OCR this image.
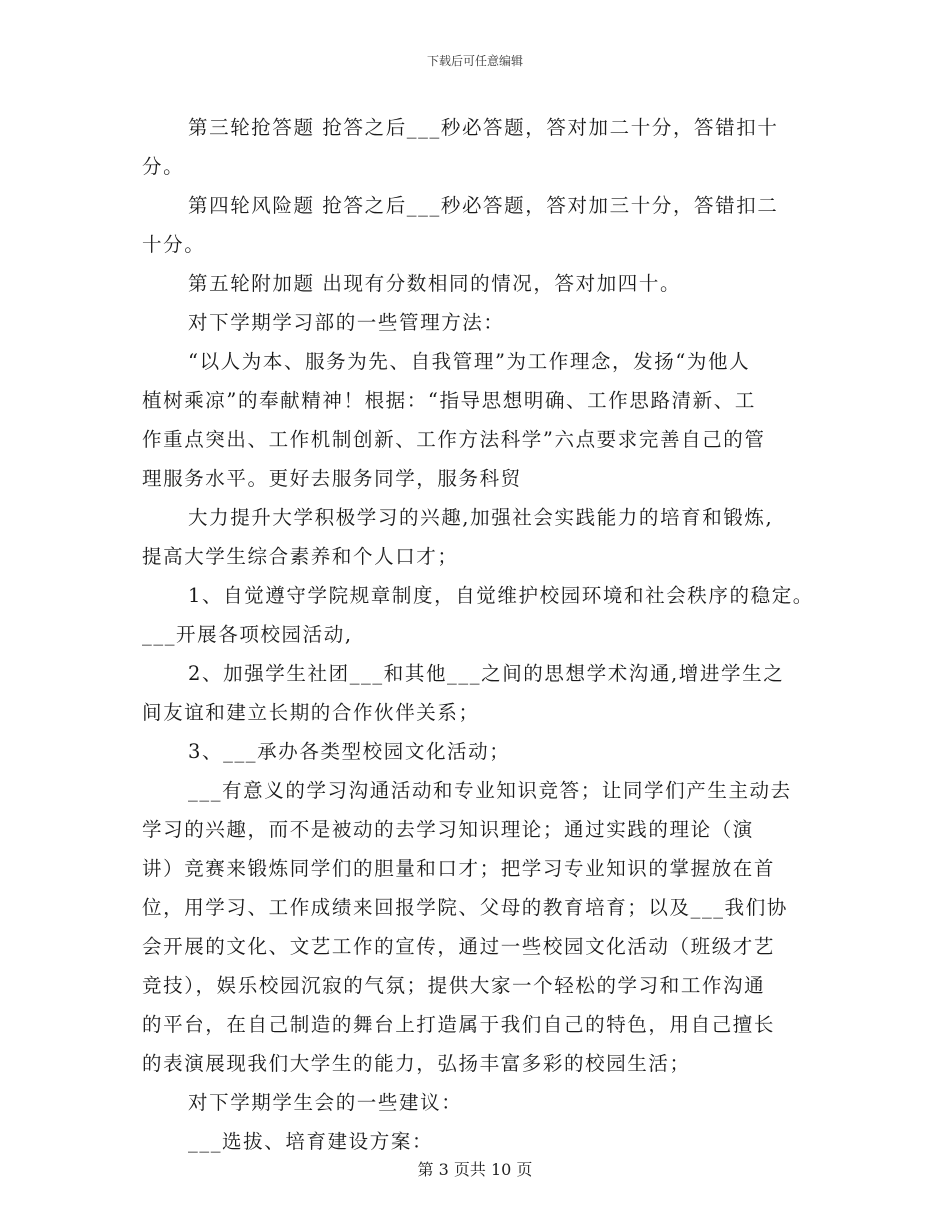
下载后可任意编辑
第三轮抢答题 抢答之后___秒必答题，答对加二十分，答错扣十
分。
第四轮风险题 抢答之后___秒必答题，答对加三十分，答错扣二
十分。
第五轮附加题 出现有分数相同的情况，答对加四十。
对下学期学习部的一些管理方法：
“以人为本、服务为先、自我管理”为工作理念，发扬“为他人
植树乘凉”的奉献精神！根据：“指导思想明确、工作思路清新、工
作重点突出、工作机制创新、工作方法科学”六点要求完善自己的管
理服务水平。更好去服务同学，服务科贸
大力提升大学积极学习的兴趣,加强社会实践能力的培育和锻炼,
提高大学生综合素养和个人口才；
1、自觉遵守学院规章制度，自觉维护校园环境和社会秩序的稳定。
___开展各项校园活动,
2、加强学生社团___和其他___之间的思想学术沟通,增进学生之
间友谊和建立长期的合作伙伴关系；
3、___承办各类型校园文化活动；
___有意义的学习沟通活动和专业知识竞答；让同学们产生主动去
学习的兴趣，而不是被动的去学习知识理论；通过实践的理论（演
讲）竞赛来锻炼同学们的胆量和口才；把学习专业知识的掌握放在首
位，用学习、工作成绩来回报学院、父母的教育培育；以及___我们协
会开展的文化、文艺工作的宣传，通过一些校园文化活动（班级才艺
竞技），娱乐校园沉寂的气氛；提供大家一个轻松的学习和工作沟通
的平台，在自己制造的舞台上打造属于我们自己的特色，用自己擅长
的表演展现我们大学生的能力，弘扬丰富多彩的校园生活；
对下学期学生会的一些建议：
___选拔、培育建设方案：
第 3 页共 10 页
